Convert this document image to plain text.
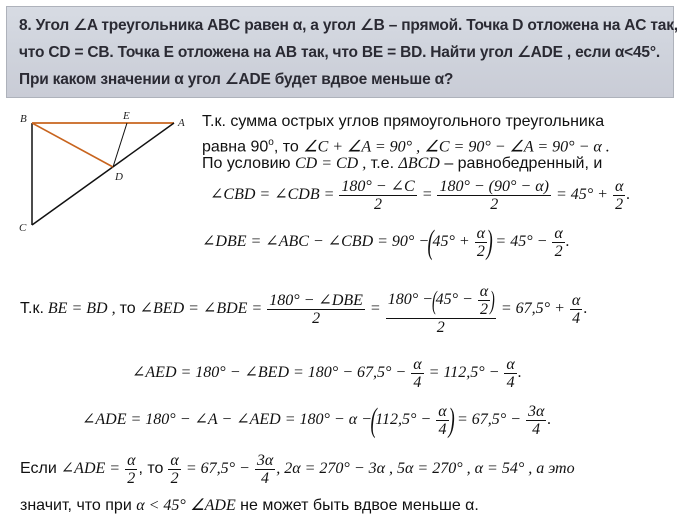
8. Угол ∠A треугольника ABC равен α, а угол ∠B – прямой. Точка D отложена на AC так,
что CD = CB. Точка E отложена на AB так, что BE = BD. Найти угол ∠ADE , если α<45°.
При каком значении α угол ∠ADE будет вдвое меньше α?
B	E
A
D
C
Т.к. сумма острых углов прямоугольного треугольника
равна 90$^o$, то ∠C + ∠A = 90° , ∠C = 90° − ∠A = 90° − α .
По условию CD = CD , т.е. ΔBCD – равнобедренный, и
∠CBD = ∠CDB = $\frac{180^\circ - \angle C}{2} = \frac{180^\circ - (90^\circ - \alpha)}{2} = 45^\circ + \frac{\alpha}{2}$ .
∠DBE = ∠ABC − ∠CBD = $90^\circ -(45^\circ + \frac{\alpha}{2}$ ) = $45^\circ - \frac{\alpha}{2}$ .
Т.к. BE = BD , то ∠BED = ∠BDE = 180° − ∠DBE
2
= $\frac{180^\circ -(45^\circ - \frac{\alpha}{2} )}{2} = 67,5^\circ + \frac{\alpha}{4}$ .
∠AED = 180° − ∠BED = $180^\circ - 67,5^\circ - \frac{\alpha}{4} = 112,5^\circ - \frac{\alpha}{4}$ .
∠ADE = 180° − ∠A − ∠AED = $180^\circ - \alpha -(112,5^\circ - \frac{\alpha}{4}$ ) = $67,5^\circ - \frac{3\alpha}{4}$ .
Если ∠ADE = $\frac{\alpha}{2}$ , то $\frac{\alpha}{2} = 67,5^\circ - \frac{3\alpha}{4}$ , 2α = 270° − 3α , 5α = 270° , α = 54° , а это
значит, что при α < 45° ∠ADE не может быть вдвое меньше α.
